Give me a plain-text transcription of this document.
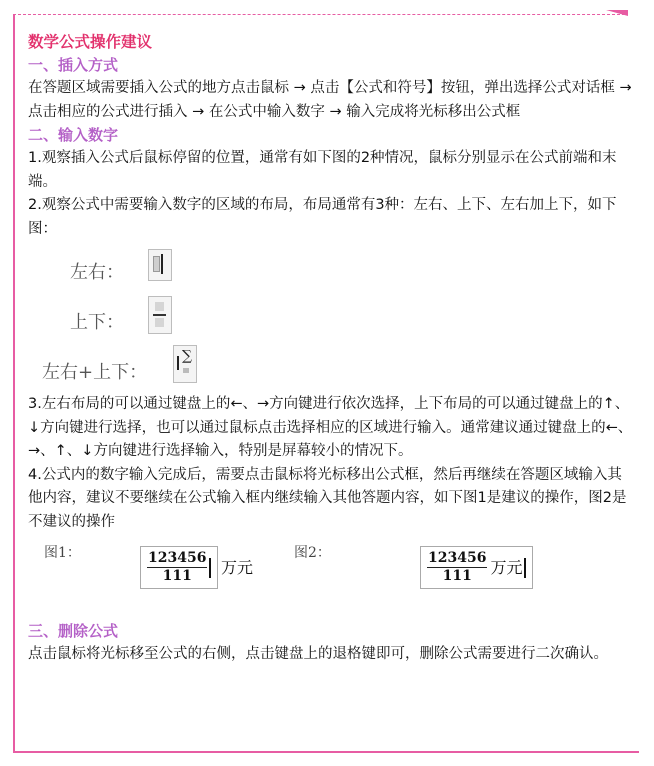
数学公式操作建议
一、插入方式

在答题区域需要插入公式的地方点击鼠标 → 点击【公式和符号】按钮，弹出选择公式对话框 → 点击相应的公式进行插入 → 在公式中输入数字 → 输入完成将光标移出公式框

二、输入数字

1.观察插入公式后鼠标停留的位置，通常有如下图的2种情况，鼠标分别显示在公式前端和末端。

2.观察公式中需要输入数字的区域的布局，布局通常有3种：左右、上下、左右加上下，如下图：

左右：
上下：
左右+上下：
∑

3.左右布局的可以通过键盘上的←、→方向键进行依次选择，上下布局的可以通过键盘上的↑、↓方向键进行选择，也可以通过鼠标点击选择相应的区域进行输入。通常建议通过键盘上的←、→、↑、↓方向键进行选择输入，特别是屏幕较小的情况下。

4.公式内的数字输入完成后，需要点击鼠标将光标移出公式框，然后再继续在答题区域输入其他内容，建议不要继续在公式输入框内继续输入其他答题内容，如下图1是建议的操作，图2是不建议的操作

图1：	$\frac{123456}{111}$ 万元
图2：	$\frac{123456}{111}$ 万元
三、删除公式

点击鼠标将光标移至公式的右侧，点击键盘上的退格键即可，删除公式需要进行二次确认。
